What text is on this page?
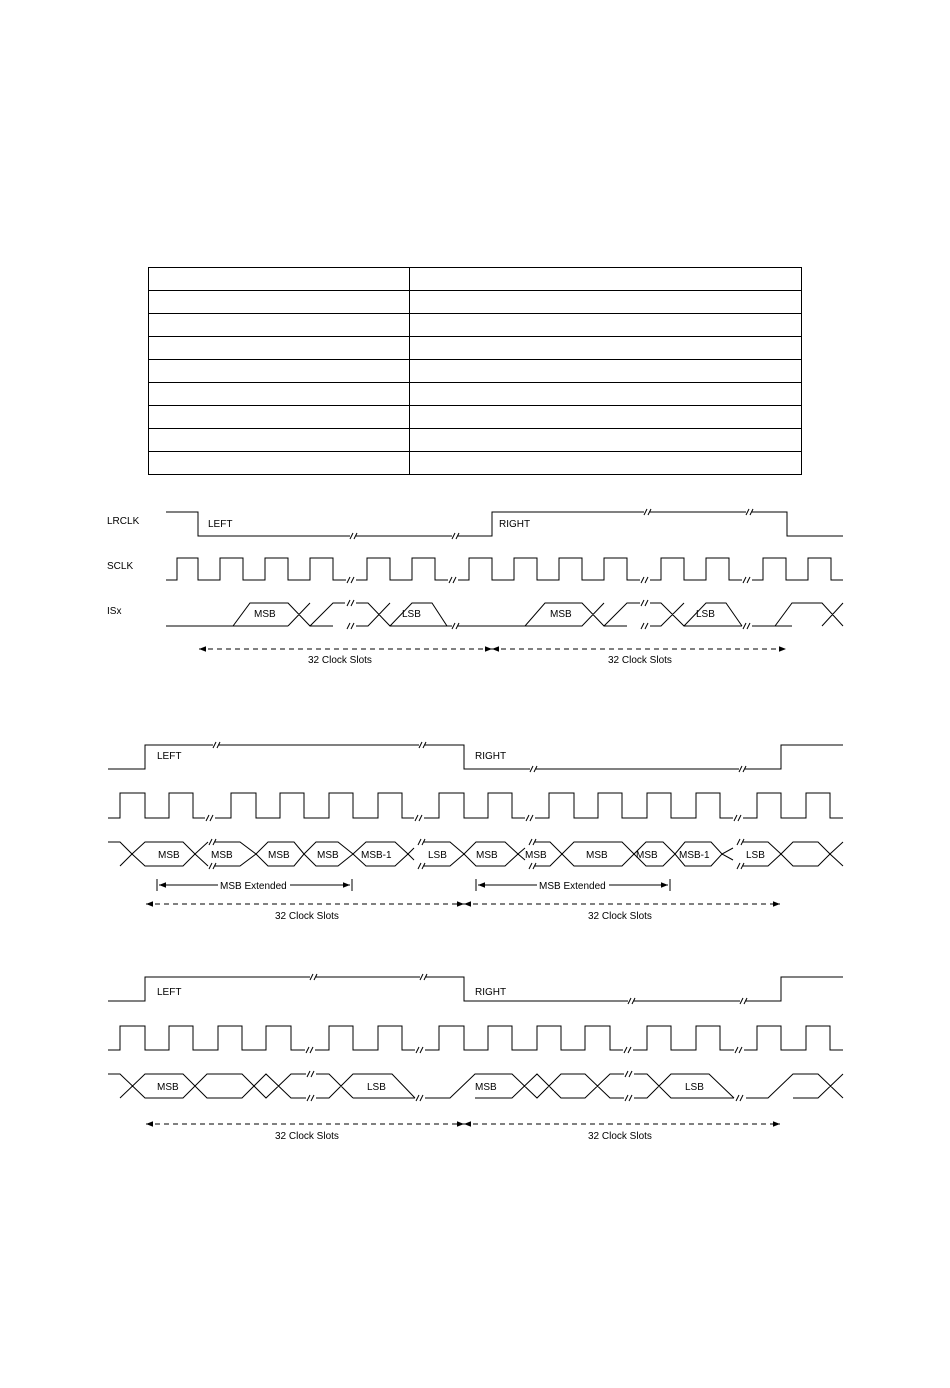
LRCLK
SCLK
ISx
LEFT	RIGHT
MSB	LSB	MSB	LSB
32 Clock Slots	32 Clock Slots
LEFT	RIGHT
MSB	MSB	MSB	MSB MSB-1	LSB	MSB	MSB	MSB	MSB MSB-1	LSB
MSB Extended	MSB Extended
32 Clock Slots	32 Clock Slots
LEFT	RIGHT
MSB	LSB	MSB	LSB
32 Clock Slots	32 Clock Slots
